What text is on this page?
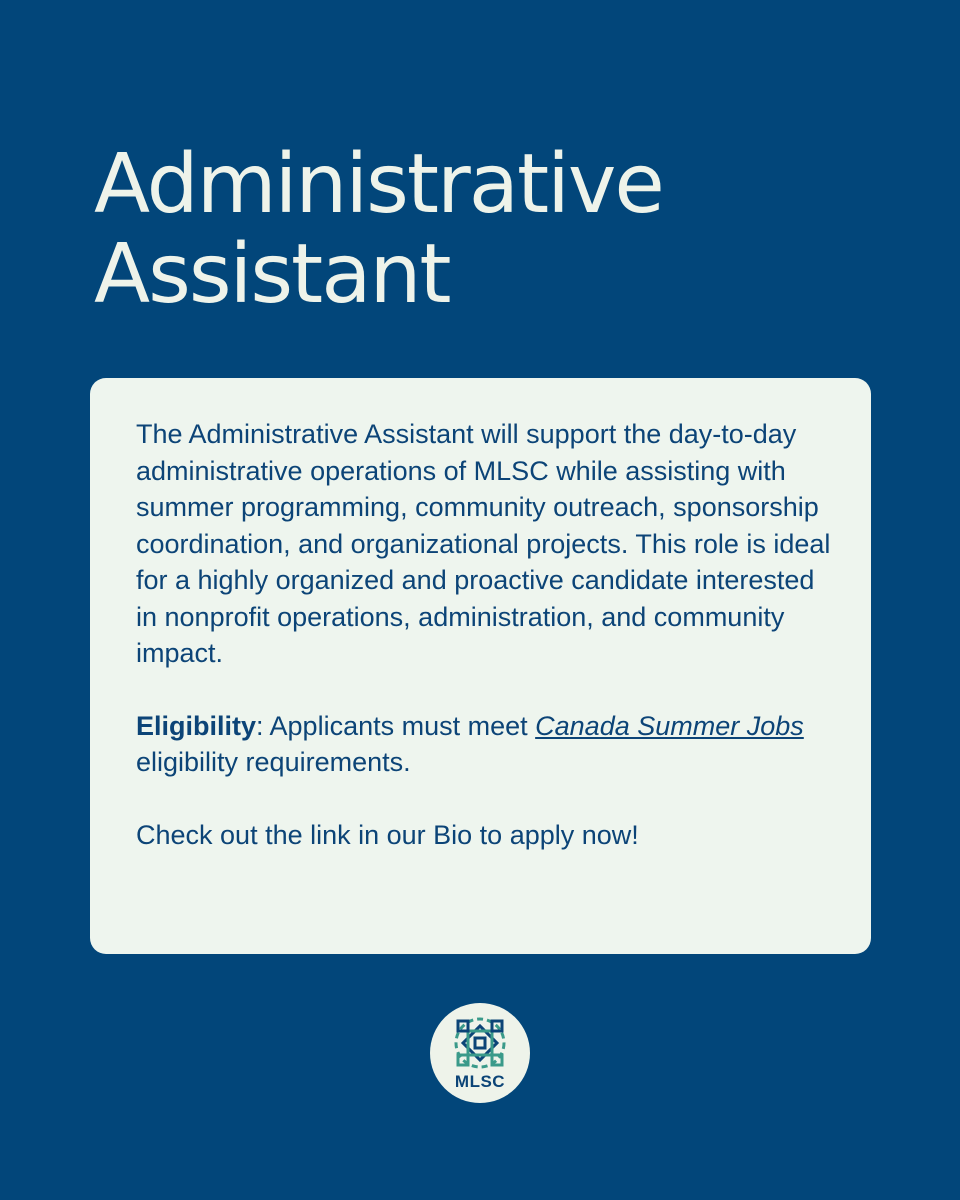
Administrative
Assistant

The Administrative Assistant will support the day-to-day administrative operations of MLSC while assisting with summer programming, community outreach, sponsorship coordination, and organizational projects. This role is ideal for a highly organized and proactive candidate interested in nonprofit operations, administration, and community impact.

Eligibility: Applicants must meet Canada Summer Jobs eligibility requirements.

Check out the link in our Bio to apply now!

MLSC
